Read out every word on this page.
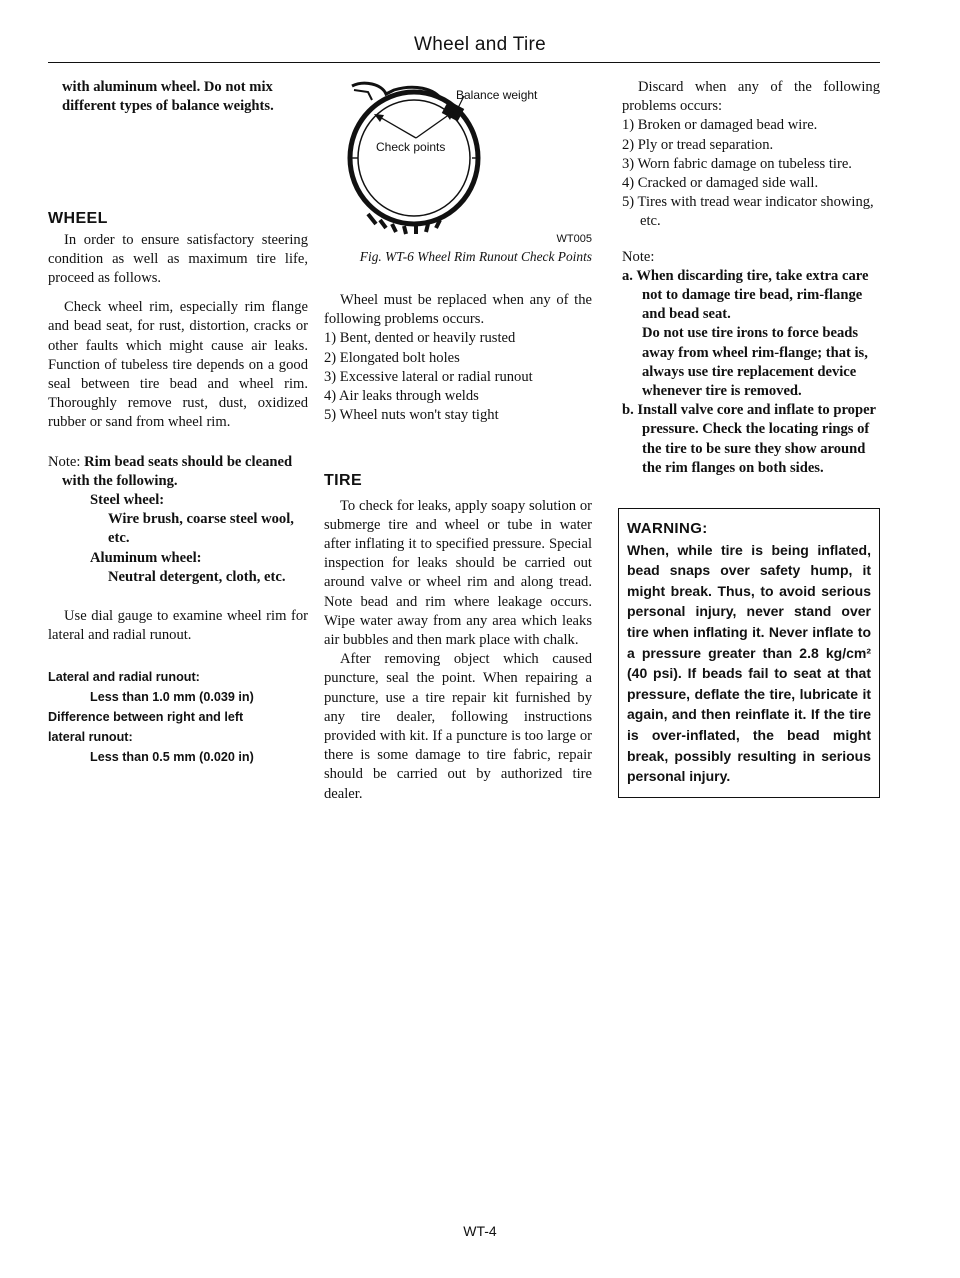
Wheel and Tire

with aluminum wheel. Do not mix different types of balance weights.

WHEEL

In order to ensure satisfactory steering condition as well as maximum tire life, proceed as follows.

Check wheel rim, especially rim flange and bead seat, for rust, distortion, cracks or other faults which might cause air leaks. Function of tubeless tire depends on a good seal between tire bead and wheel rim. Thoroughly remove rust, dust, oxidized rubber or sand from wheel rim.

Note: Rim bead seats should be cleaned with the following.

Steel wheel:

Wire brush, coarse steel wool, etc.

Aluminum wheel:

Neutral detergent, cloth, etc.

Use dial gauge to examine wheel rim for lateral and radial runout.

Lateral and radial runout:

Less than 1.0 mm (0.039 in)

Difference between right and left lateral runout:

Less than 0.5 mm (0.020 in)

Balance weight
Check points
WT005

Fig. WT-6 Wheel Rim Runout Check Points

Wheel must be replaced when any of the following problems occurs.

1) Bent, dented or heavily rusted
2) Elongated bolt holes
3) Excessive lateral or radial runout
4) Air leaks through welds
5) Wheel nuts won't stay tight
TIRE

To check for leaks, apply soapy solution or submerge tire and wheel or tube in water after inflating it to specified pressure. Special inspection for leaks should be carried out around valve or wheel rim and along tread. Note bead and rim where leakage occurs. Wipe water away from any area which leaks air bubbles and then mark place with chalk.

After removing object which caused puncture, seal the point. When repairing a puncture, use a tire repair kit furnished by any tire dealer, following instructions provided with kit. If a puncture is too large or there is some damage to tire fabric, repair should be carried out by authorized tire dealer.

Discard when any of the following problems occurs:

1) Broken or damaged bead wire.
2) Ply or tread separation.
3) Worn fabric damage on tubeless tire.
4) Cracked or damaged side wall.
5) Tires with tread wear indicator showing, etc.

Note:

a. When discarding tire, take extra care not to damage tire bead, rim-flange and bead seat.

Do not use tire irons to force beads away from wheel rim-flange; that is, always use tire replacement device whenever tire is removed.

b. Install valve core and inflate to proper pressure. Check the locating rings of the tire to be sure they show around the rim flanges on both sides.

WARNING:
When, while tire is being inflated, bead snaps over safety hump, it might break. Thus, to avoid serious personal injury, never stand over tire when inflating it. Never inflate to a pressure greater than 2.8 kg/cm² (40 psi). If beads fail to seat at that pressure, deflate the tire, lubricate it again, and then reinflate it. If the tire is over-inflated, the bead might break, possibly resulting in serious personal injury.
WT-4
